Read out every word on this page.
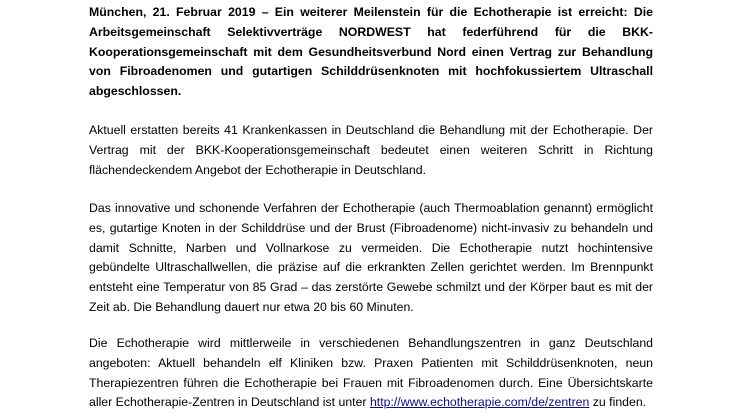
München, 21. Februar 2019 – Ein weiterer Meilenstein für die Echotherapie ist erreicht: Die Arbeitsgemeinschaft Selektivverträge NORDWEST hat federführend für die BKK-Kooperationsgemeinschaft mit dem Gesundheitsverbund Nord einen Vertrag zur Behandlung von Fibroadenomen und gutartigen Schilddrüsenknoten mit hochfokussiertem Ultraschall abgeschlossen.

Aktuell erstatten bereits 41 Krankenkassen in Deutschland die Behandlung mit der Echotherapie. Der Vertrag mit der BKK-Kooperationsgemeinschaft bedeutet einen weiteren Schritt in Richtung flächendeckendem Angebot der Echotherapie in Deutschland.

Das innovative und schonende Verfahren der Echotherapie (auch Thermoablation genannt) ermöglicht es, gutartige Knoten in der Schilddrüse und der Brust (Fibroadenome) nicht-invasiv zu behandeln und damit Schnitte, Narben und Vollnarkose zu vermeiden. Die Echotherapie nutzt hochintensive gebündelte Ultraschallwellen, die präzise auf die erkrankten Zellen gerichtet werden. Im Brennpunkt entsteht eine Temperatur von 85 Grad – das zerstörte Gewebe schmilzt und der Körper baut es mit der Zeit ab. Die Behandlung dauert nur etwa 20 bis 60 Minuten.

Die Echotherapie wird mittlerweile in verschiedenen Behandlungszentren in ganz Deutschland angeboten: Aktuell behandeln elf Kliniken bzw. Praxen Patienten mit Schilddrüsenknoten, neun Therapiezentren führen die Echotherapie bei Frauen mit Fibroadenomen durch. Eine Übersichtskarte aller Echotherapie-Zentren in Deutschland ist unter http://www.echotherapie.com/de/zentren zu finden.
